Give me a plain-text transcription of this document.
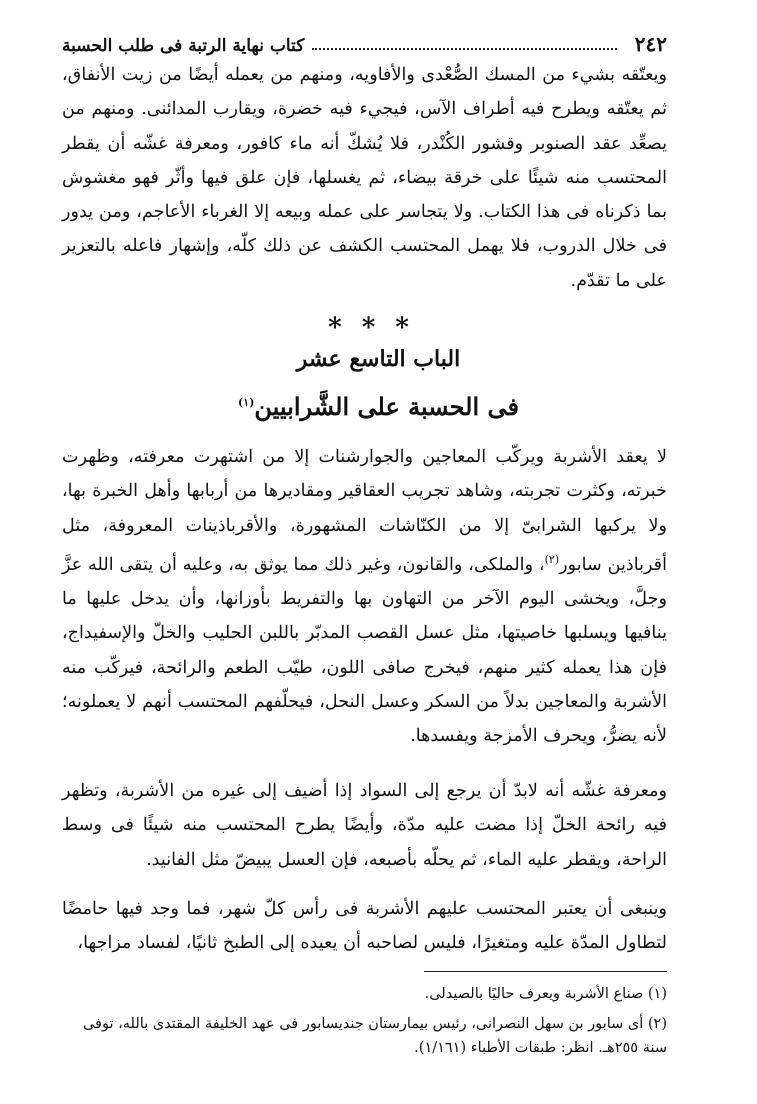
٢٤٢
كتاب نهاية الرتبة فى طلب الحسبة

ويعتّقه بشيء من المسك الصُّعْدى والأفاويه، ومنهم من يعمله أيضًا من زيت الأنفاق، ثم يعتّقه ويطرح فيه أطراف الآس، فيجيء فيه خضرة، ويقارب المدائنى. ومنهم من يصعِّد عقد الصنوبر وقشور الكُنْدر، فلا يُشكّ أنه ماء كافور، ومعرفة غشّه أن يقطر المحتسب منه شيئًا على خرقة بيضاء، ثم يغسلها، فإن علق فيها وأثّر فهو مغشوش بما ذكرناه فى هذا الكتاب. ولا يتجاسر على عمله وبيعه إلا الغرباء الأعاجم، ومن يدور فى خلال الدروب، فلا يهمل المحتسب الكشف عن ذلك كلّه، وإشهار فاعله بالتعزير على ما تقدّم.

***
الباب التاسع عشر
فى الحسبة على الشَّرابيين$^{(١)}$

لا يعقد الأشربة ويركّب المعاجين والجوارشنات إلا من اشتهرت معرفته، وظهرت خبرته، وكثرت تجربته، وشاهد تجريب العقاقير ومقاديرها من أربابها وأهل الخبرة بها، ولا يركبها الشرابىّ إلا من الكنّاشات المشهورة، والأقرباذينات المعروفة، مثل أقرباذين سابور$^{(٢)}$، والملكى، والقانون، وغير ذلك مما يوثق به، وعليه أن يتقى الله عزَّ وجلَّ، ويخشى اليوم الآخر من التهاون بها والتفريط بأوزانها، وأن يدخل عليها ما ينافيها ويسلبها خاصيتها، مثل عسل القصب المدبّر باللبن الحليب والخلّ والإسفيداج، فإن هذا يعمله كثير منهم، فيخرج صافى اللون، طيّب الطعم والرائحة، فيركّب منه الأشربة والمعاجين بدلاً من السكر وعسل النحل، فيحلّفهم المحتسب أنهم لا يعملونه؛ لأنه يضرُّ، ويحرف الأمزجة ويفسدها.

ومعرفة غشّه أنه لابدّ أن يرجع إلى السواد إذا أضيف إلى غيره من الأشربة، وتظهر فيه رائحة الخلّ إذا مضت عليه مدّة، وأيضًا يطرح المحتسب منه شيئًا فى وسط الراحة، ويقطر عليه الماء، ثم يحلّه بأصبعه، فإن العسل يبيضّ مثل الفانيد.

وينبغى أن يعتبر المحتسب عليهم الأشربة فى رأس كلّ شهر، فما وجد فيها حامضًا لتطاول المدّة عليه ومتغيرًا، فليس لصاحبه أن يعيده إلى الطبخ ثانيًا، لفساد مزاجها،

(١) صناع الأشربة ويعرف حاليًا بالصيدلى.

(٢) أى سابور بن سهل النصرانى، رئيس بيمارستان جنديسابور فى عهد الخليفة المقتدى بالله، توفى سنة ٢٥٥هـ. انظر: طبقات الأطباء (١/١٦١).
